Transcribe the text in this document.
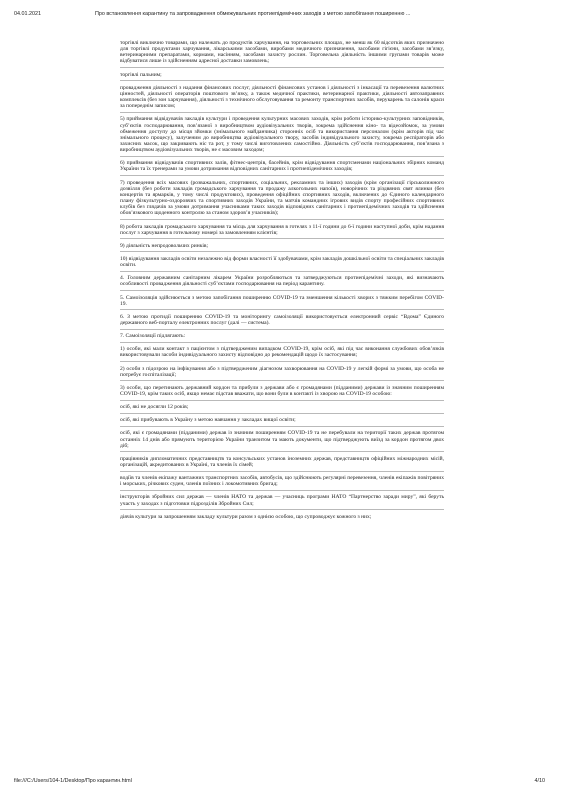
04.01.2021	Про встановлення карантину та запровадження обмежувальних протиепідемічних заходів з метою запобігання поширенню ...

торгівлі виключно товарами, що належать до продуктів харчування, на торговельних площах, не менш як 60 відсотків яких призначено для торгівлі продуктами харчування, лікарськими засобами, виробами медичного призначення, засобами гігієни, засобами зв’язку, ветеринарними препаратами, кормами, насінням, засобами захисту рослин. Торговельна діяльність іншими групами товарів може відбуватися лише із здійсненням адресної доставки замовлень;

торгівлі пальним;

провадження діяльності з надання фінансових послуг, діяльності фінансових установ і діяльності з інкасації та перевезення валютних цінностей, діяльності операторів поштового зв’язку, а також медичної практики, ветеринарної практики, діяльності автозаправних комплексів (без зон харчування), діяльності з технічного обслуговування та ремонту транспортних засобів, перукарень та салонів краси за попереднім записом;

5) приймання відвідувачів закладів культури і проведення культурних масових заходів, крім роботи історико-культурних заповідників, суб’єктів господарювання, пов’язаної з виробництвом аудіовізуальних творів, зокрема здійснення кіно- та відеозйомок, за умови обмеження доступу до місця зйомки (знімального майданчика) сторонніх осіб та використання персоналом (крім акторів під час знімального процесу), залученим до виробництва аудіовізуального твору, засобів індивідуального захисту, зокрема респіраторів або захисних масок, що закривають ніс та рот, у тому числі виготовлених самостійно. Діяльність суб’єктів господарювання, пов’язана з виробництвом аудіовізуальних творів, не є масовим заходом;

6) приймання відвідувачів спортивних залів, фітнес-центрів, басейнів, крім відвідування спортсменами національних збірних команд України та їх тренерами за умови дотримання відповідних санітарних і протиепідемічних заходів;

7) проведення всіх масових (розважальних, спортивних, соціальних, рекламних та інших) заходів (крім організації гірськолижного дозвілля (без роботи закладів громадського харчування та продажу алкогольних напоїв), новорічних та різдвяних свят ялинки (без концертів та ярмарків, у тому числі продуктових), проведення офіційних спортивних заходів, включених до Єдиного календарного плану фізкультурно-оздоровчих та спортивних заходів України, та матчів командних ігрових видів спорту професійних спортивних клубів без глядачів за умови дотримання учасниками таких заходів відповідних санітарних і протиепідемічних заходів та здійснення обов’язкового щоденного контролю за станом здоров’я учасників);

8) робота закладів громадського харчування та місць для харчування в готелях з 11-ї години до 6-ї години наступної доби, крім надання послуг з харчування в готельному номері за замовленням клієнтів;

9) діяльність непродовольчих ринків;

10) відвідування закладів освіти незалежно від форми власності її здобувачами, крім закладів дошкільної освіти та спеціальних закладів освіти.

4. Головним державним санітарним лікарем України розробляються та затверджуються протиепідемічні заходи, які визначають особливості провадження діяльності суб’єктами господарювання на період карантину.

5. Самоізоляція здійснюється з метою запобігання поширенню COVID-19 та зменшення кількості хворих з тяжким перебігом COVID-19.

6. З метою протидії поширенню COVID-19 та моніторингу самоізоляції використовується електронний сервіс “Вдома” Єдиного державного веб-порталу електронних послуг (далі — система).

7. Самоізоляції підлягають:

1) особи, які мали контакт з пацієнтом з підтвердженим випадком COVID-19, крім осіб, які під час виконання службових обов’язків використовували засоби індивідуального захисту відповідно до рекомендацій щодо їх застосування;

2) особи з підозрою на інфікування або з підтвердженим діагнозом захворювання на COVID-19 у легкій формі за умови, що особа не потребує госпіталізації;

3) особи, що перетинають державний кордон та прибули з держави або є громадянами (підданими) держави із значним поширенням COVID-19, крім таких осіб, якщо немає підстав вважати, що вони були в контакті із хворою на COVID-19 особою:

осіб, які не досягли 12 років;

осіб, які прибувають в Україну з метою навчання у закладах вищої освіти;

осіб, які є громадянами (підданими) держав із значним поширенням COVID-19 та не перебували на території таких держав протягом останніх 14 днів або прямують територією України транзитом та мають документи, що підтверджують виїзд за кордон протягом двох діб;

працівників дипломатичних представництв та консульських установ іноземних держав, представництв офіційних міжнародних місій, організацій, акредитованих в Україні, та членів їх сімей;

водіїв та членів екіпажу вантажних транспортних засобів, автобусів, що здійснюють регулярні перевезення, членів екіпажів повітряних і морських, річкових суден, членів поїзних і локомотивних бригад;

інструкторів збройних сил держав — членів НАТО та держав — учасниць програми НАТО “Партнерство заради миру”, які беруть участь у заходах з підготовки підрозділів Збройних Сил;

діячів культури за запрошенням закладу культури разом з однією особою, що супроводжує кожного з них;

file:///C:/Users/104-1/Desktop/Про карантин.html	4/10
